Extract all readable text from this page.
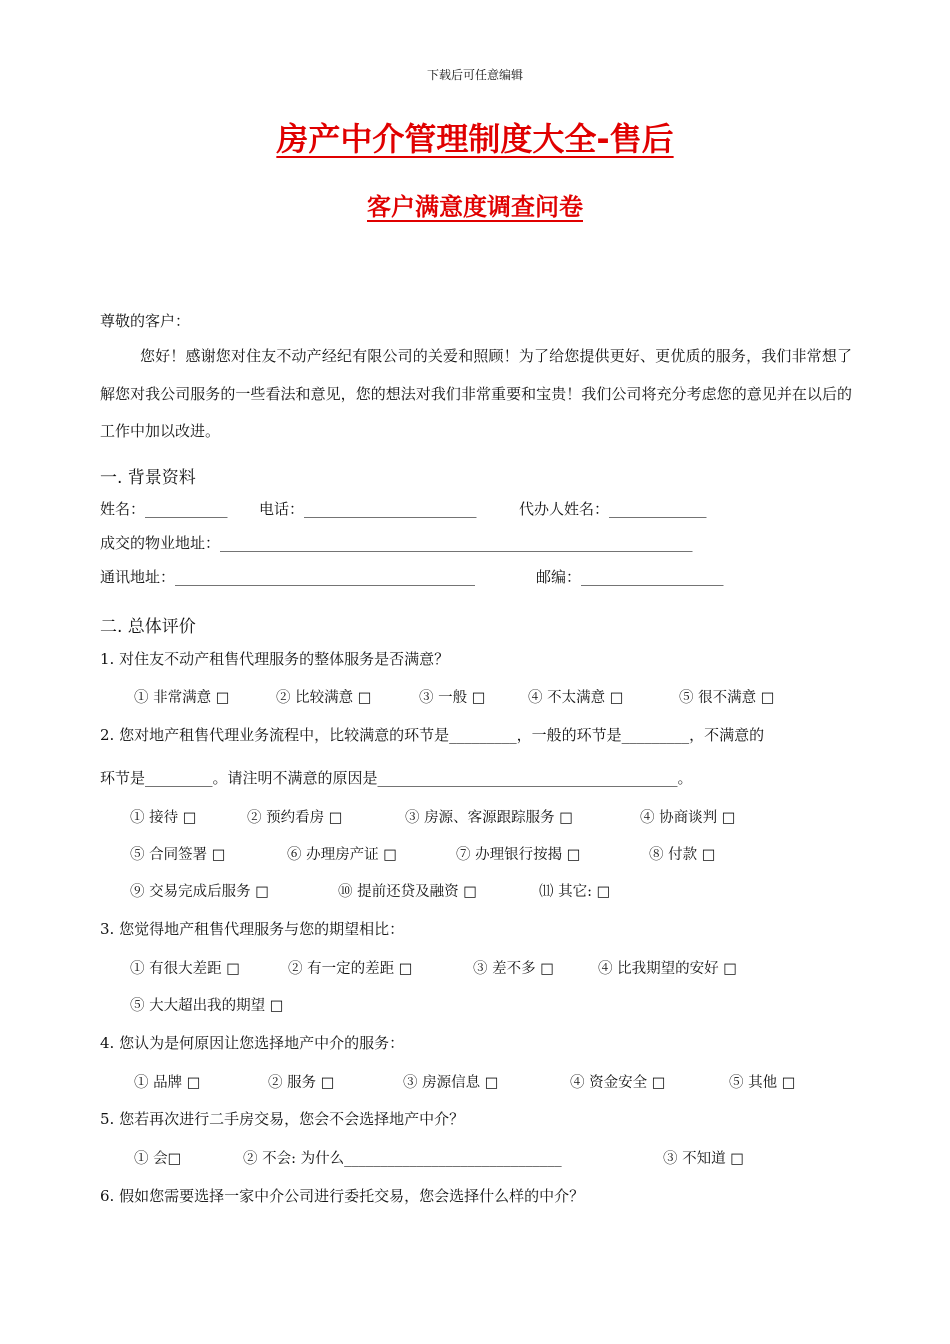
下载后可任意编辑
房产中介管理制度大全-售后
客户满意度调查问卷
尊敬的客户：
您好！感谢您对住友不动产经纪有限公司的关爱和照顾！为了给您提供更好、更优质的服务，我们非常想了解您对我公司服务的一些看法和意见，您的想法对我们非常重要和宝贵！我们公司将充分考虑您的意见并在以后的工作中加以改进。
一. 背景资料
姓名：___________ 电话：_______________________	代办人姓名：_____________
成交的物业地址：_______________________________________________________________
通讯地址：________________________________________	邮编：___________________
二. 总体评价
1. 对住友不动产租售代理服务的整体服务是否满意？
① 非常满意 □	② 比较满意 □	③ 一般 □	④ 不太满意 □	⑤ 很不满意 □
2. 您对地产租售代理业务流程中，比较满意的环节是_________，一般的环节是_________，不满意的
环节是_________。请注明不满意的原因是________________________________________。
① 接待 □	② 预约看房 □	③ 房源、客源跟踪服务 □	④ 协商谈判 □
⑤ 合同签署 □	⑥ 办理房产证 □	⑦ 办理银行按揭 □	⑧ 付款 □
⑨ 交易完成后服务 □	⑩ 提前还贷及融资 □	⑾ 其它: □
3. 您觉得地产租售代理服务与您的期望相比：
① 有很大差距 □	② 有一定的差距 □	③ 差不多 □	④ 比我期望的安好 □
⑤ 大大超出我的期望 □
4. 您认为是何原因让您选择地产中介的服务：
① 品牌 □	② 服务 □	③ 房源信息 □	④ 资金安全 □	⑤ 其他 □
5. 您若再次进行二手房交易，您会不会选择地产中介？
① 会□	② 不会: 为什么______________________________	③ 不知道 □
6. 假如您需要选择一家中介公司进行委托交易，您会选择什么样的中介？
